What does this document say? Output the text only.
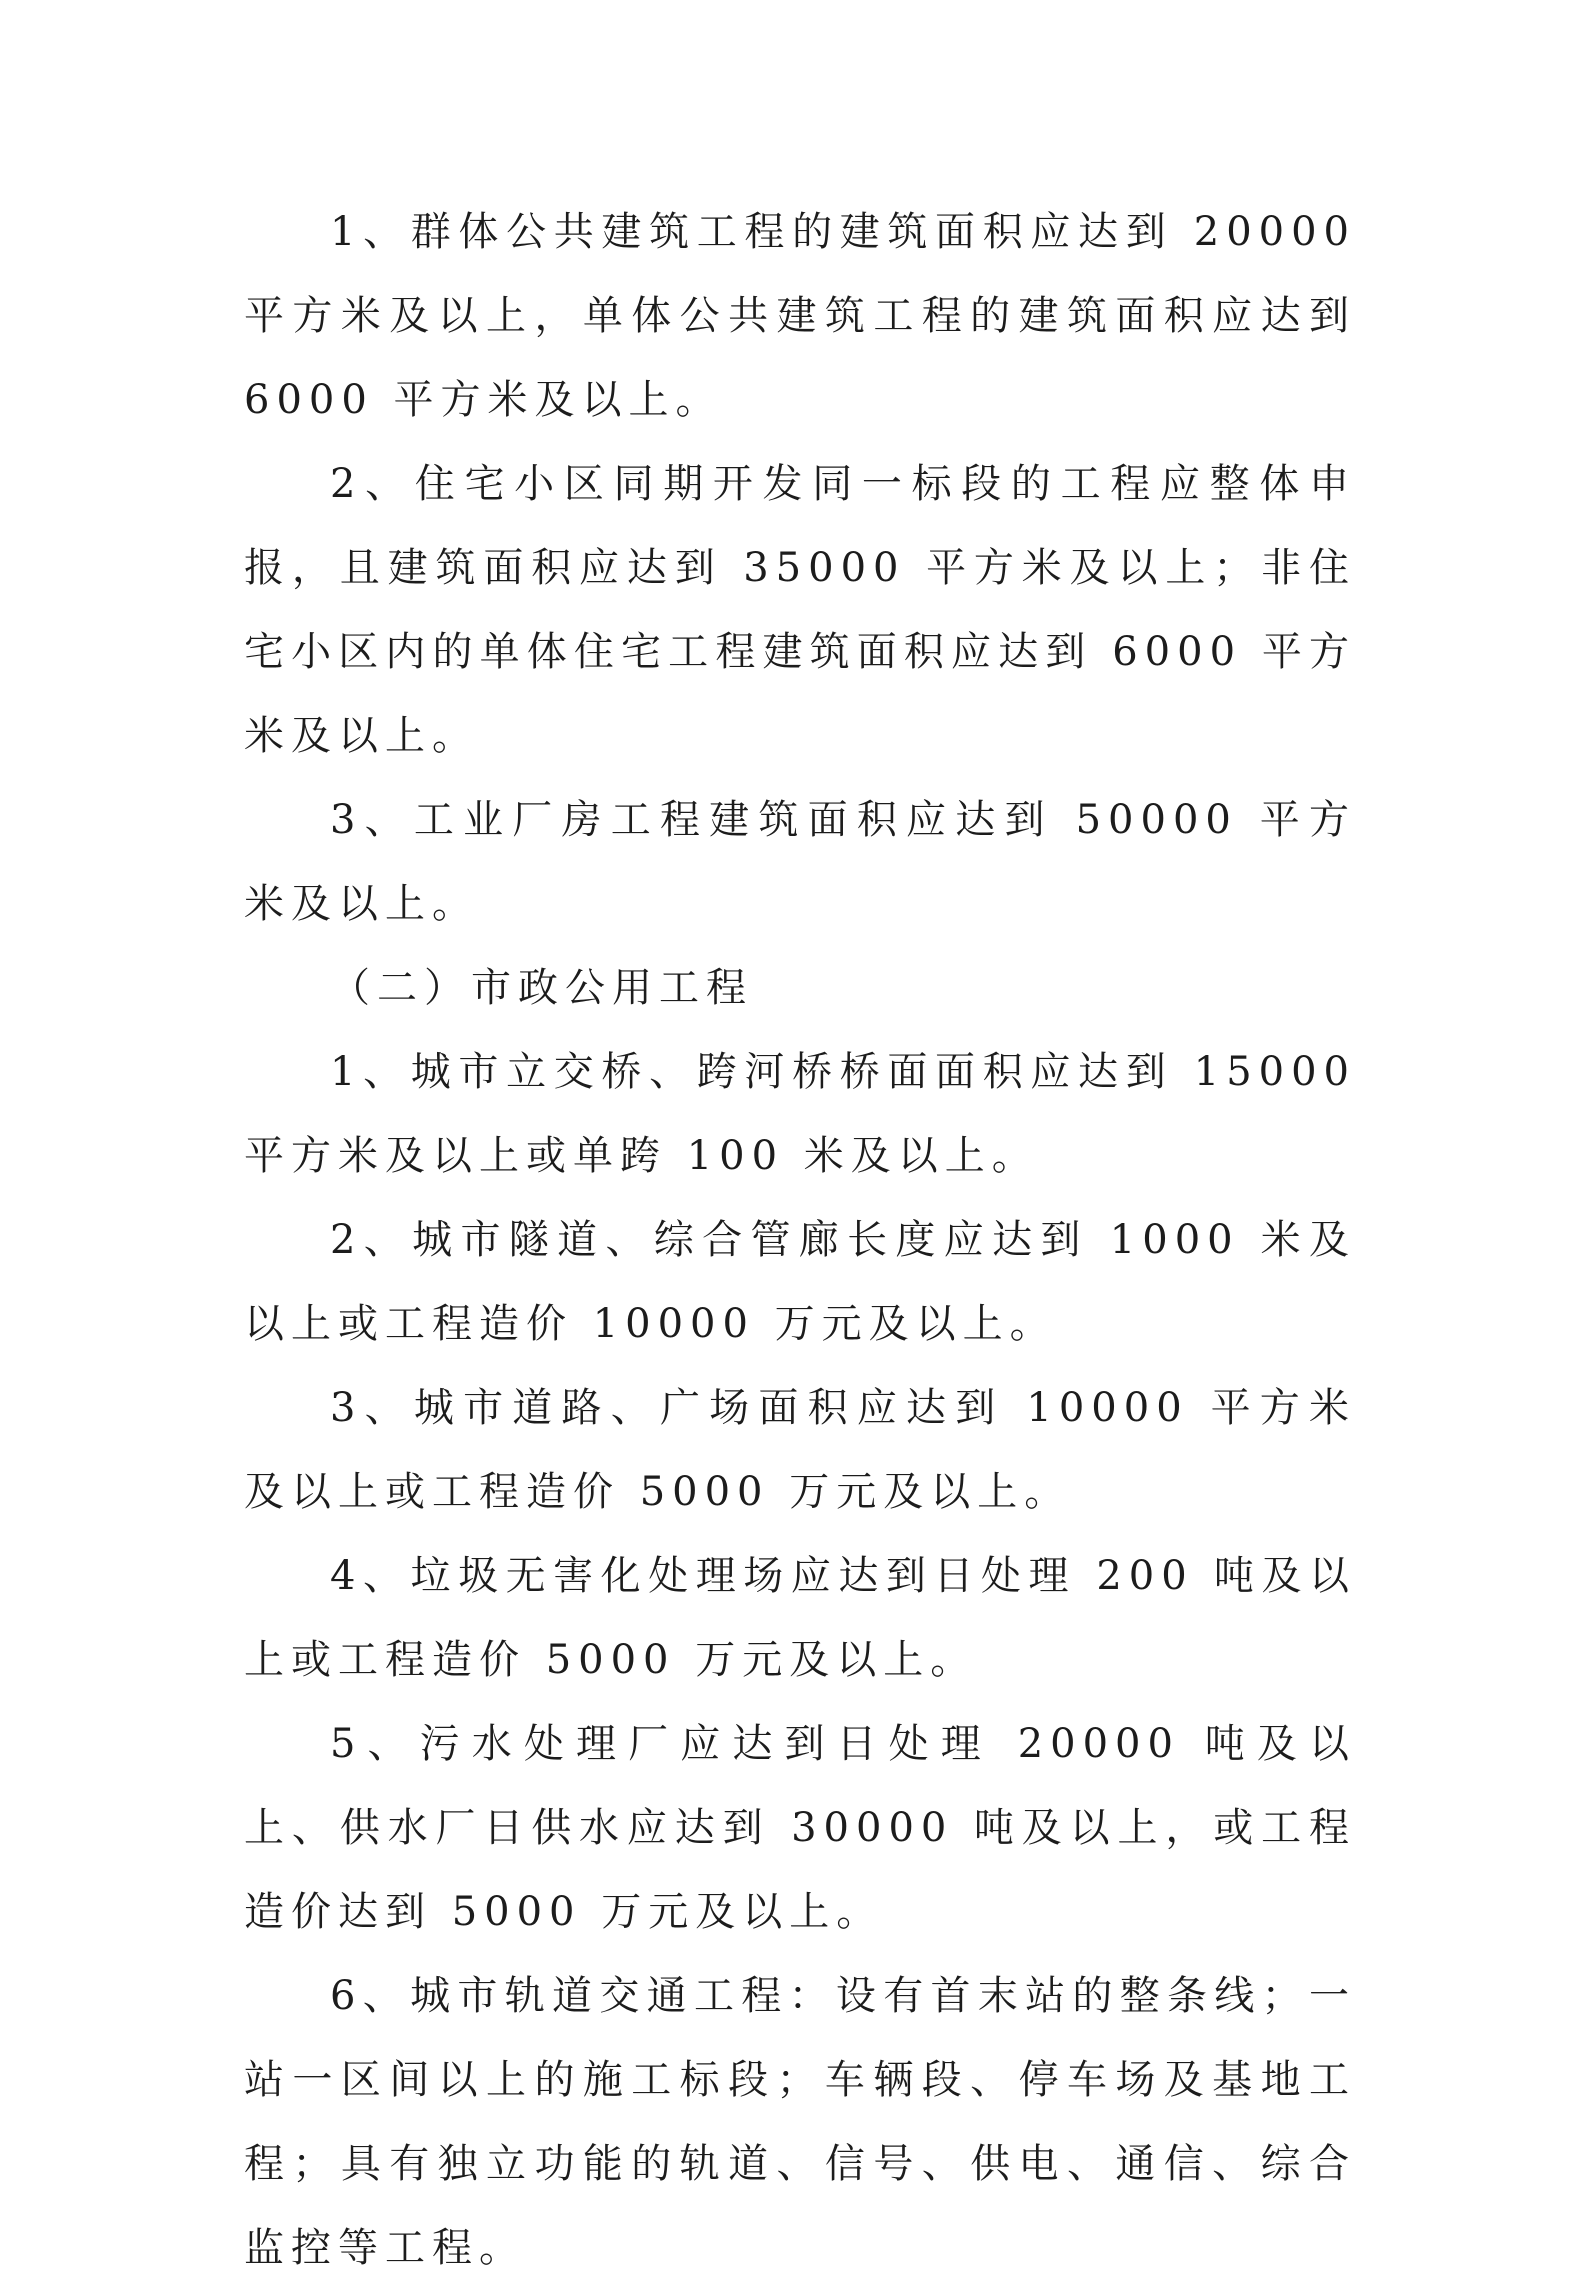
1、群体公共建筑工程的建筑面积应达到 20000 平方米及以上，单体公共建筑工程的建筑面积应达到 6000 平方米及以上。

2、住宅小区同期开发同一标段的工程应整体申报，且建筑面积应达到 35000 平方米及以上；非住宅小区内的单体住宅工程建筑面积应达到 6000 平方米及以上。

3、工业厂房工程建筑面积应达到 50000 平方米及以上。

（二）市政公用工程

1、城市立交桥、跨河桥桥面面积应达到 15000 平方米及以上或单跨 100 米及以上。

2、城市隧道、综合管廊长度应达到 1000 米及以上或工程造价 10000 万元及以上。

3、城市道路、广场面积应达到 10000 平方米及以上或工程造价 5000 万元及以上。

4、垃圾无害化处理场应达到日处理 200 吨及以上或工程造价 5000 万元及以上。

5、污水处理厂应达到日处理 20000 吨及以上、供水厂日供水应达到 30000 吨及以上，或工程造价达到 5000 万元及以上。

6、城市轨道交通工程：设有首末站的整条线；一站一区间以上的施工标段；车辆段、停车场及基地工程；具有独立功能的轨道、信号、供电、通信、综合监控等工程。
